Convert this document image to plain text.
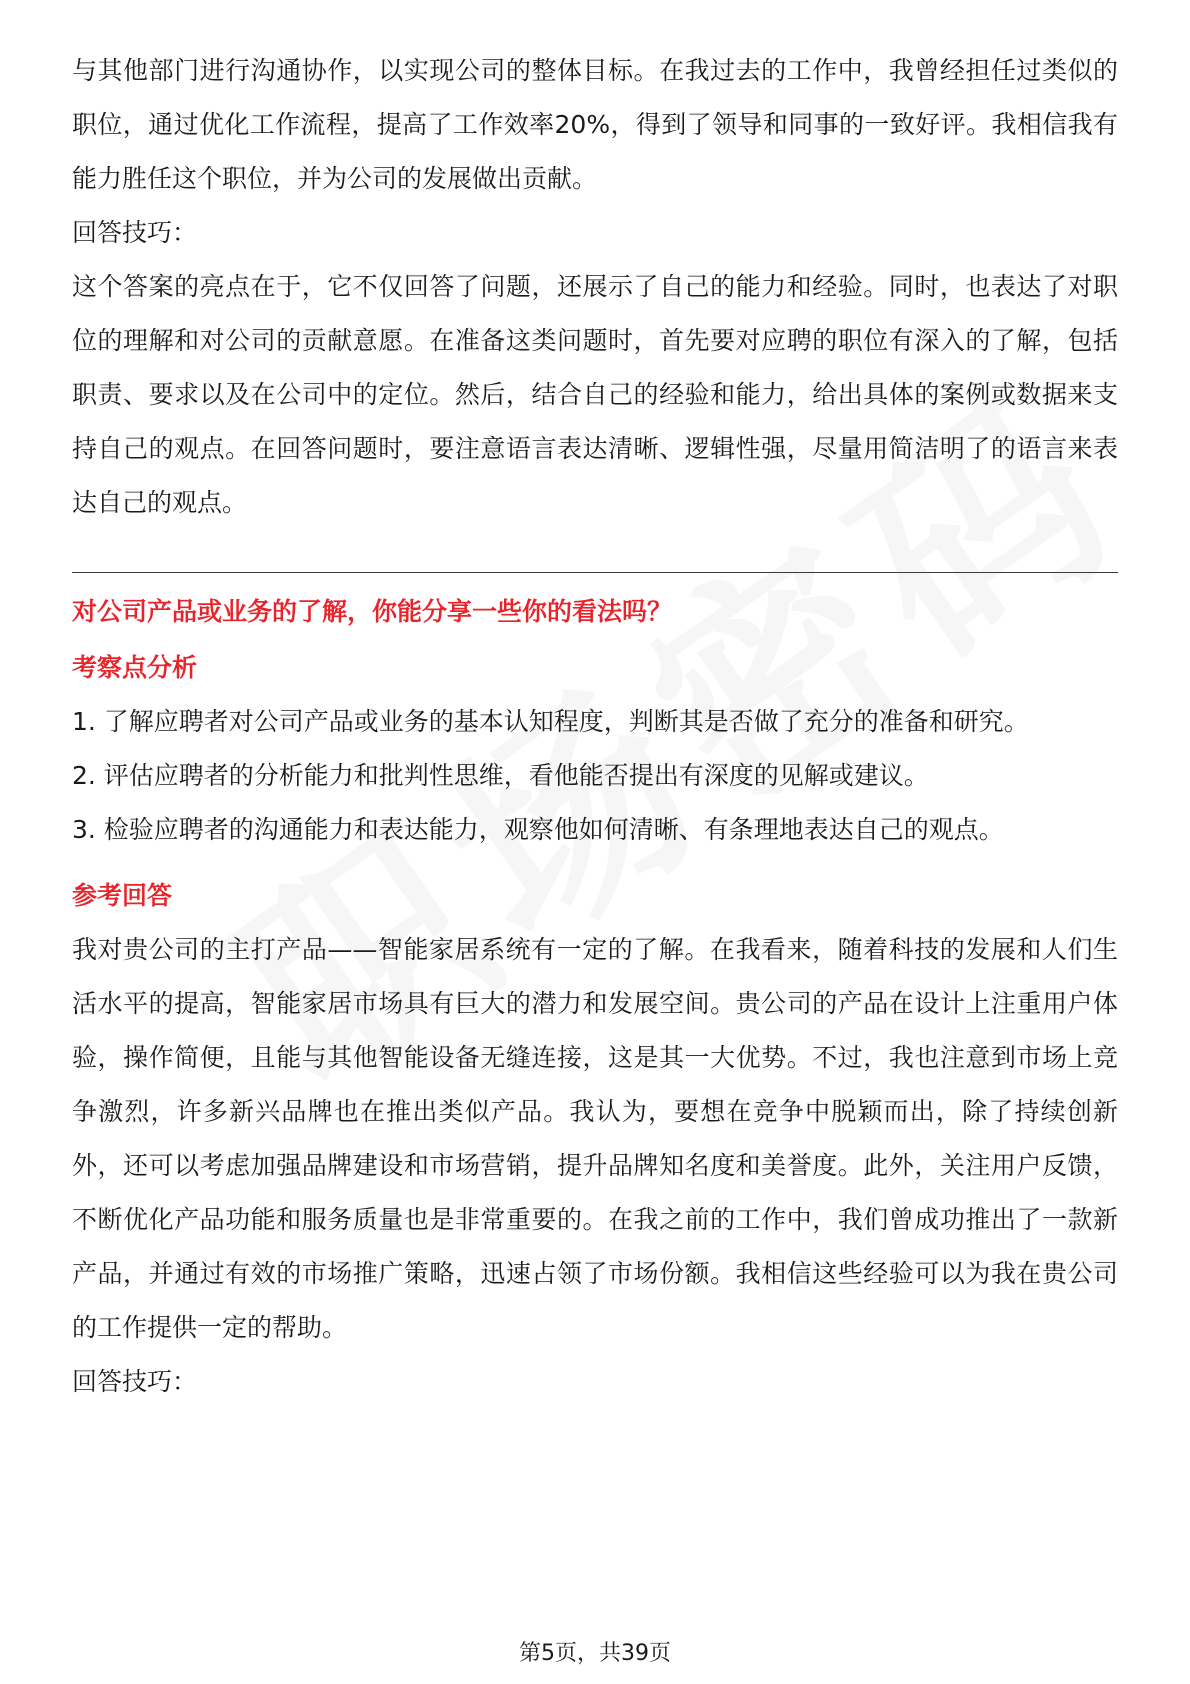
与其他部门进行沟通协作，以实现公司的整体目标。在我过去的工作中，我曾经担任过类似的职位，通过优化工作流程，提高了工作效率20%，得到了领导和同事的一致好评。我相信我有能力胜任这个职位，并为公司的发展做出贡献。

回答技巧：

这个答案的亮点在于，它不仅回答了问题，还展示了自己的能力和经验。同时，也表达了对职位的理解和对公司的贡献意愿。在准备这类问题时，首先要对应聘的职位有深入的了解，包括职责、要求以及在公司中的定位。然后，结合自己的经验和能力，给出具体的案例或数据来支持自己的观点。在回答问题时，要注意语言表达清晰、逻辑性强，尽量用简洁明了的语言来表达自己的观点。

对公司产品或业务的了解，你能分享一些你的看法吗？

考察点分析

1. 了解应聘者对公司产品或业务的基本认知程度，判断其是否做了充分的准备和研究。

2. 评估应聘者的分析能力和批判性思维，看他能否提出有深度的见解或建议。

3. 检验应聘者的沟通能力和表达能力，观察他如何清晰、有条理地表达自己的观点。

参考回答

我对贵公司的主打产品——智能家居系统有一定的了解。在我看来，随着科技的发展和人们生活水平的提高，智能家居市场具有巨大的潜力和发展空间。贵公司的产品在设计上注重用户体验，操作简便，且能与其他智能设备无缝连接，这是其一大优势。不过，我也注意到市场上竞争激烈，许多新兴品牌也在推出类似产品。我认为，要想在竞争中脱颖而出，除了持续创新外，还可以考虑加强品牌建设和市场营销，提升品牌知名度和美誉度。此外，关注用户反馈，不断优化产品功能和服务质量也是非常重要的。在我之前的工作中，我们曾成功推出了一款新产品，并通过有效的市场推广策略，迅速占领了市场份额。我相信这些经验可以为我在贵公司的工作提供一定的帮助。

回答技巧：

第5页，共39页
